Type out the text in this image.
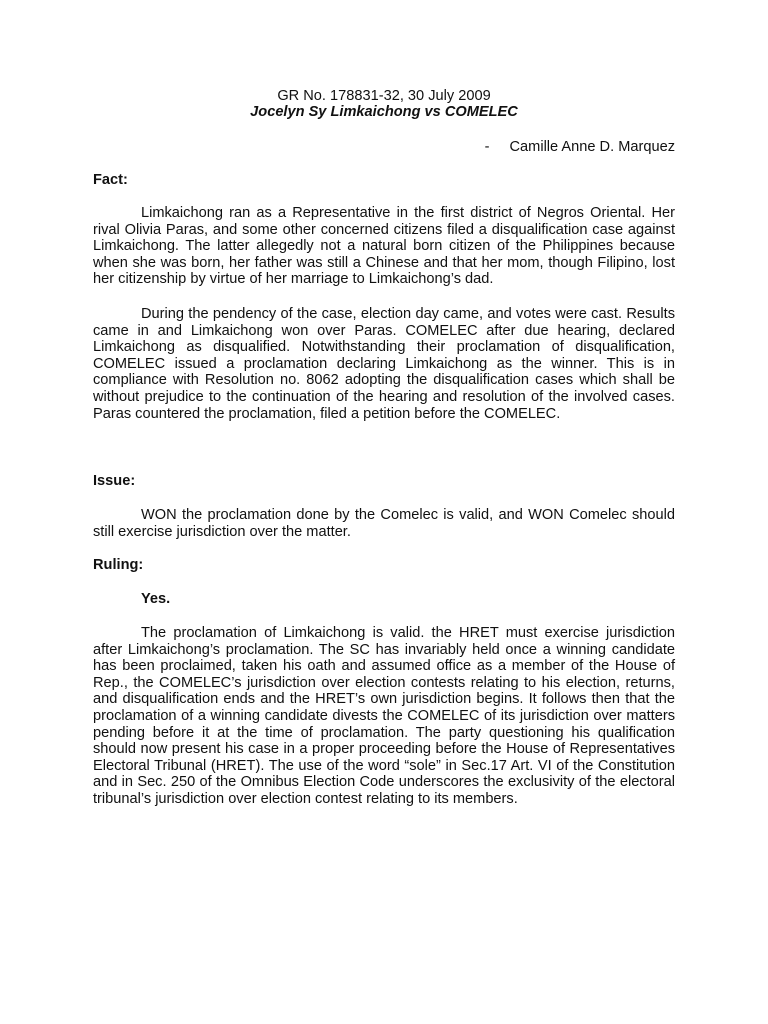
GR No. 178831-32, 30 July 2009
Jocelyn Sy Limkaichong vs COMELEC
- Camille Anne D. Marquez
Fact:
Limkaichong ran as a Representative in the first district of Negros Oriental. Her rival Olivia Paras, and some other concerned citizens filed a disqualification case against Limkaichong. The latter allegedly not a natural born citizen of the Philippines because when she was born, her father was still a Chinese and that her mom, though Filipino, lost her citizenship by virtue of her marriage to Limkaichong’s dad.
During the pendency of the case, election day came, and votes were cast. Results came in and Limkaichong won over Paras. COMELEC after due hearing, declared Limkaichong as disqualified. Notwithstanding their proclamation of disqualification, COMELEC issued a proclamation declaring Limkaichong as the winner. This is in compliance with Resolution no. 8062 adopting the disqualification cases which shall be without prejudice to the continuation of the hearing and resolution of the involved cases. Paras countered the proclamation, filed a petition before the COMELEC.
Issue:
WON the proclamation done by the Comelec is valid, and WON Comelec should still exercise jurisdiction over the matter.
Ruling:
Yes.
The proclamation of Limkaichong is valid. the HRET must exercise jurisdiction after Limkaichong’s proclamation. The SC has invariably held once a winning candidate has been proclaimed, taken his oath and assumed office as a member of the House of Rep., the COMELEC’s jurisdiction over election contests relating to his election, returns, and disqualification ends and the HRET’s own jurisdiction begins. It follows then that the proclamation of a winning candidate divests the COMELEC of its jurisdiction over matters pending before it at the time of proclamation. The party questioning his qualification should now present his case in a proper proceeding before the House of Representatives Electoral Tribunal (HRET). The use of the word “sole” in Sec.17 Art. VI of the Constitution and in Sec. 250 of the Omnibus Election Code underscores the exclusivity of the electoral tribunal’s jurisdiction over election contest relating to its members.
